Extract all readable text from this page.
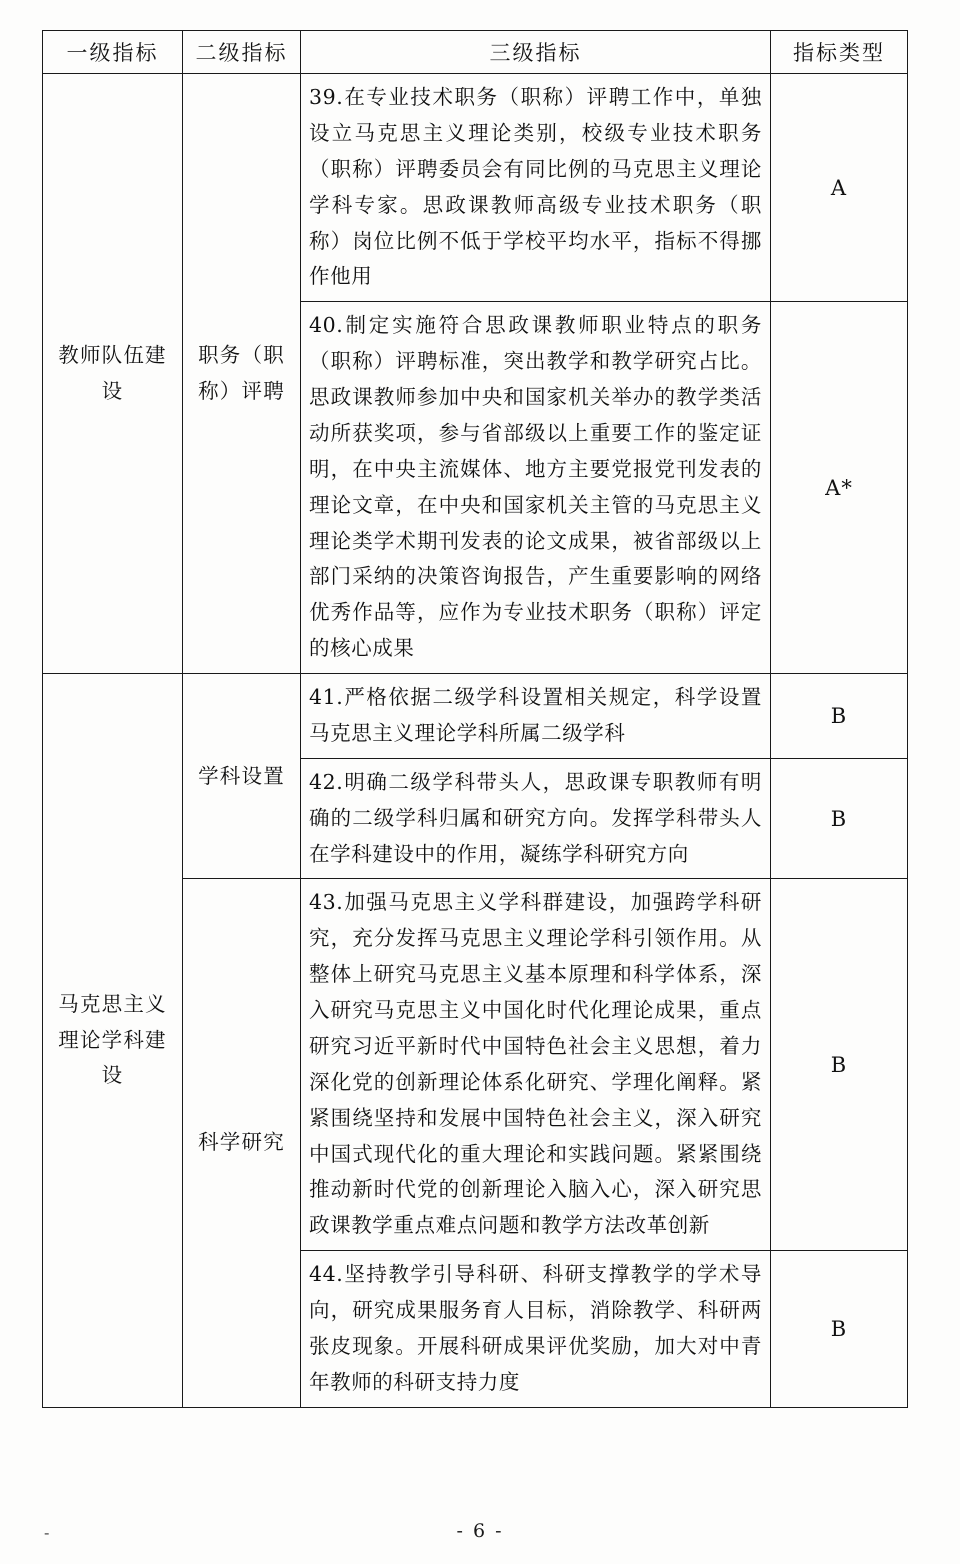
一级指标	二级指标	三级指标	指标类型
教师队伍建设	职务（职称）评聘	39.在专业技术职务（职称）评聘工作中，单独设立马克思主义理论类别，校级专业技术职务（职称）评聘委员会有同比例的马克思主义理论学科专家。思政课教师高级专业技术职务（职称）岗位比例不低于学校平均水平，指标不得挪作他用	A
		40.制定实施符合思政课教师职业特点的职务（职称）评聘标准，突出教学和教学研究占比。思政课教师参加中央和国家机关举办的教学类活动所获奖项，参与省部级以上重要工作的鉴定证明，在中央主流媒体、地方主要党报党刊发表的理论文章，在中央和国家机关主管的马克思主义理论类学术期刊发表的论文成果，被省部级以上部门采纳的决策咨询报告，产生重要影响的网络优秀作品等，应作为专业技术职务（职称）评定的核心成果	A*
马克思主义理论学科建设	学科设置	41.严格依据二级学科设置相关规定，科学设置马克思主义理论学科所属二级学科	B
		42.明确二级学科带头人，思政课专职教师有明确的二级学科归属和研究方向。发挥学科带头人在学科建设中的作用，凝练学科研究方向	B
	科学研究	43.加强马克思主义学科群建设，加强跨学科研究，充分发挥马克思主义理论学科引领作用。从整体上研究马克思主义基本原理和科学体系，深入研究马克思主义中国化时代化理论成果，重点研究习近平新时代中国特色社会主义思想，着力深化党的创新理论体系化研究、学理化阐释。紧紧围绕坚持和发展中国特色社会主义，深入研究中国式现代化的重大理论和实践问题。紧紧围绕推动新时代党的创新理论入脑入心，深入研究思政课教学重点难点问题和教学方法改革创新	B
		44.坚持教学引导科研、科研支撑教学的学术导向，研究成果服务育人目标，消除教学、科研两张皮现象。开展科研成果评优奖励，加大对中青年教师的科研支持力度	B
-	- 6 -
